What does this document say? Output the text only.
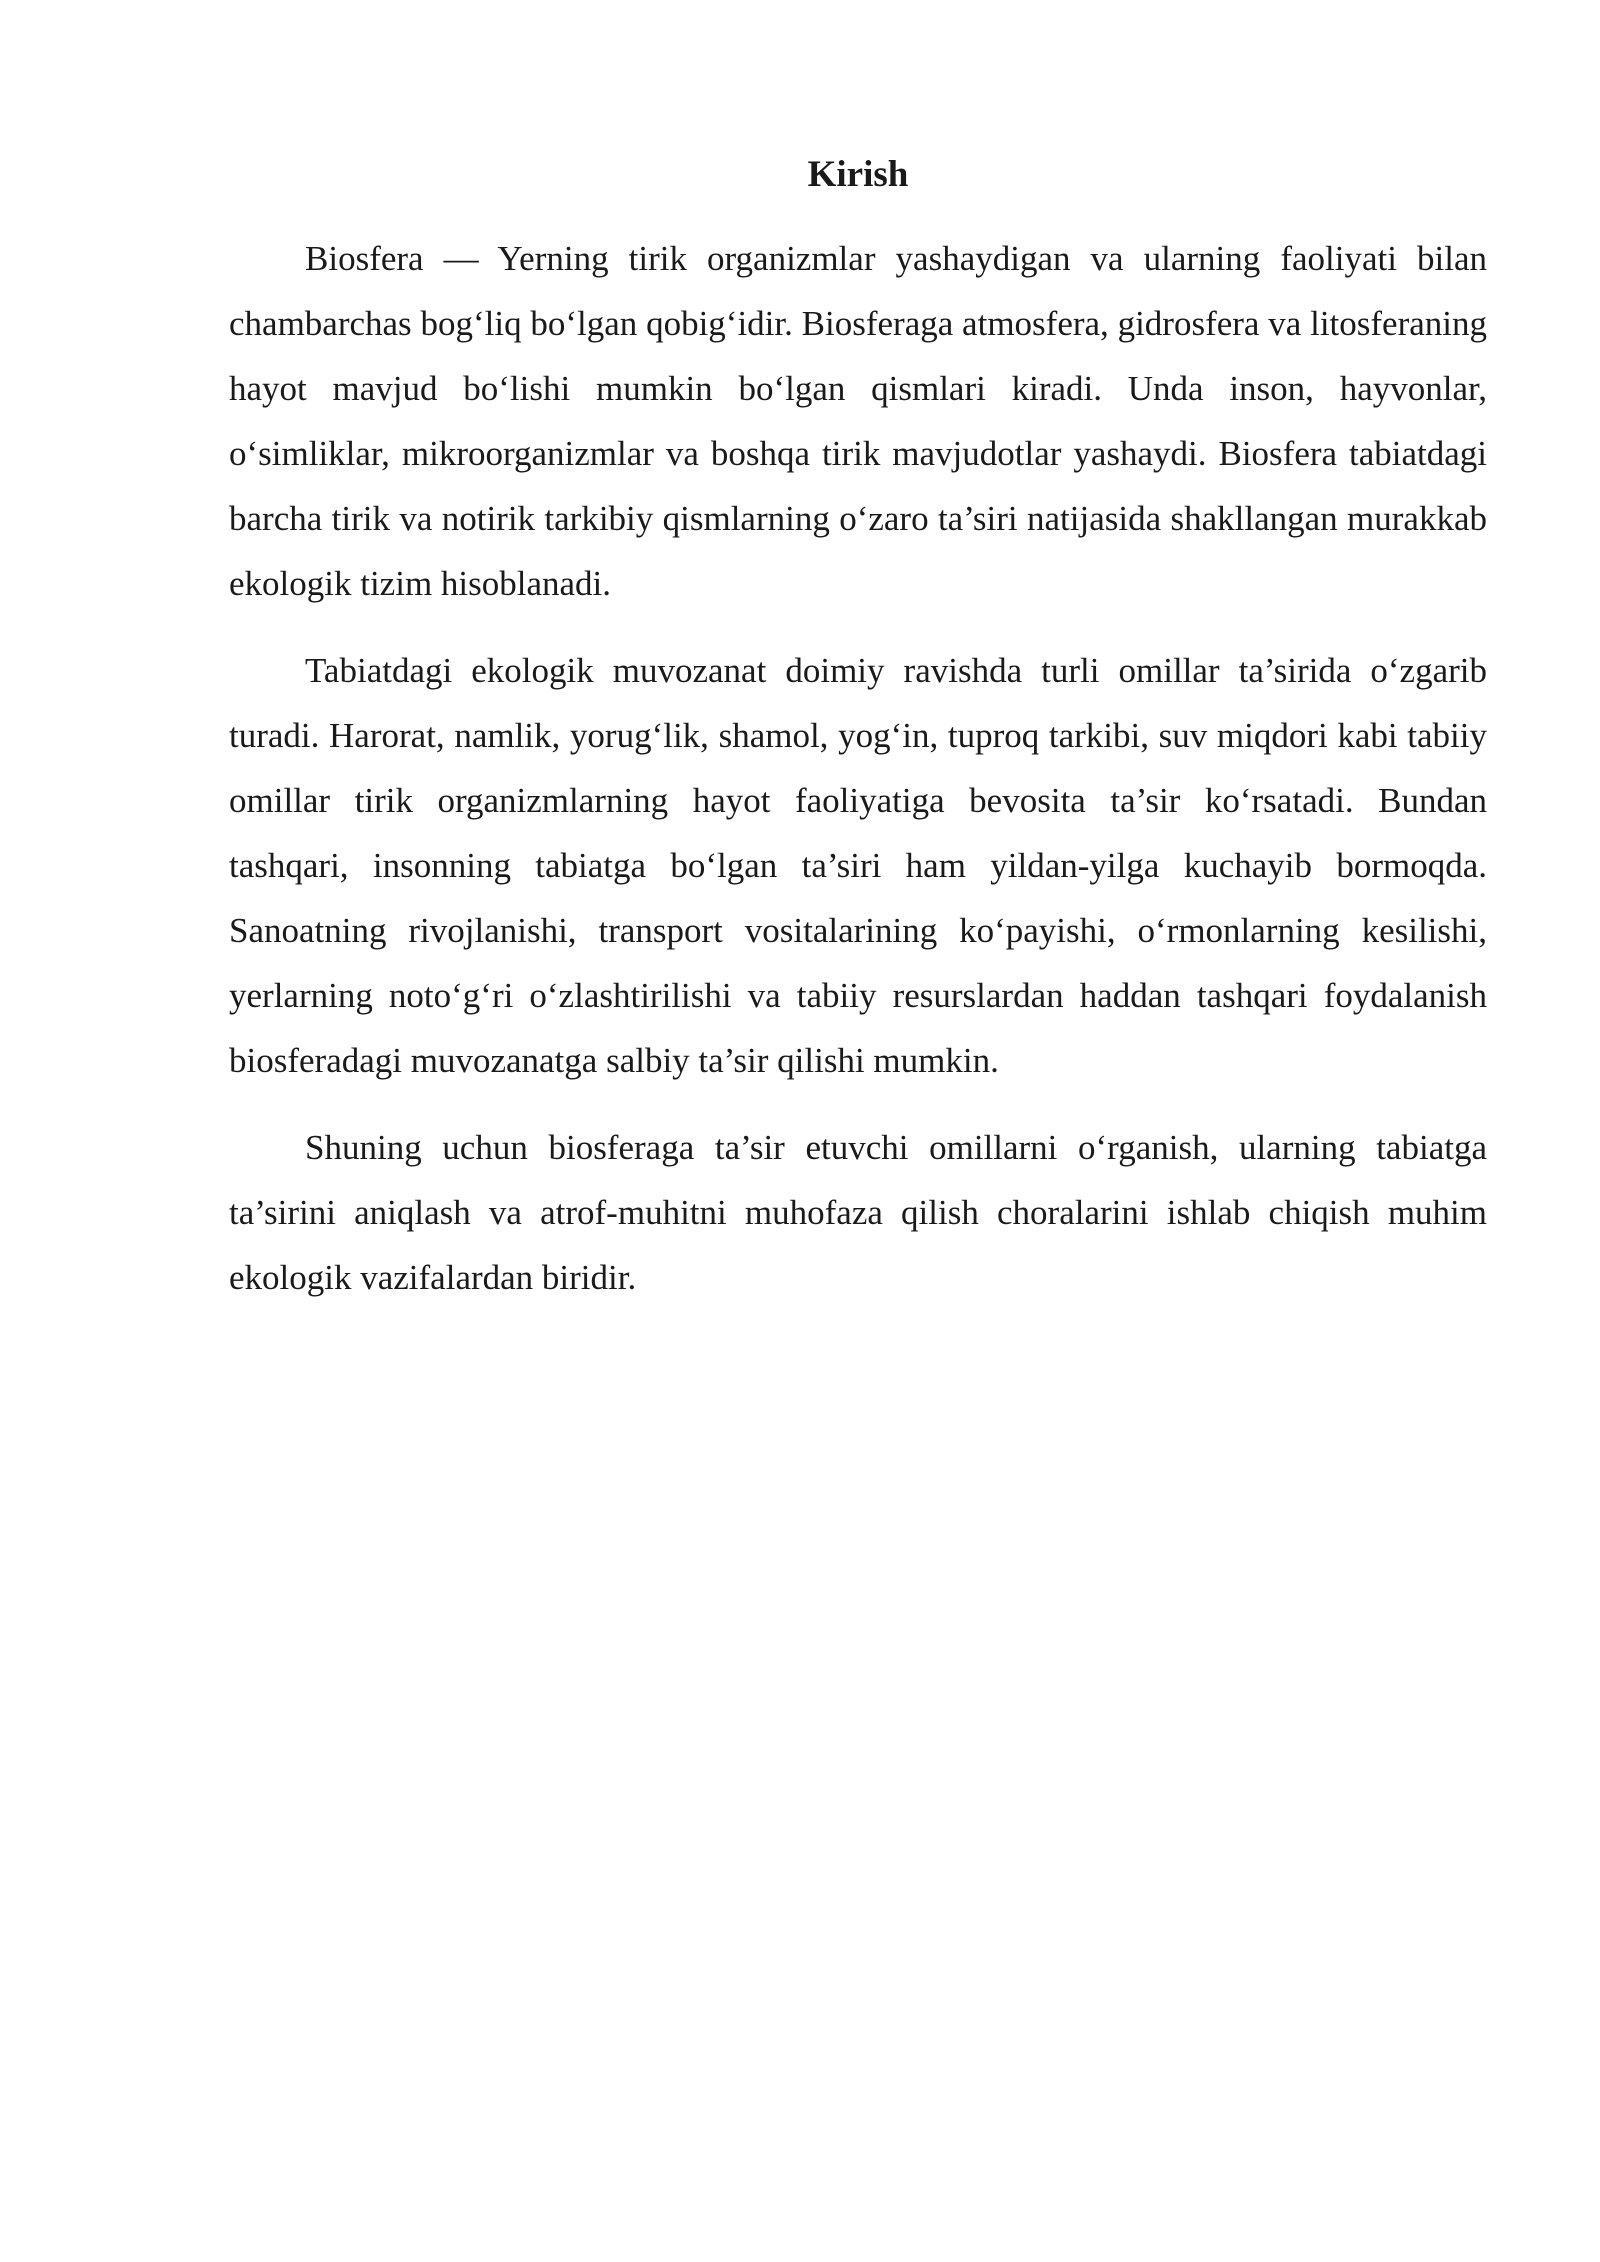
Kirish

Biosfera — Yerning tirik organizmlar yashaydigan va ularning faoliyati bilan chambarchas bog‘liq bo‘lgan qobig‘idir. Biosferaga atmosfera, gidrosfera va litosferaning hayot mavjud bo‘lishi mumkin bo‘lgan qismlari kiradi. Unda inson, hayvonlar, o‘simliklar, mikroorganizmlar va boshqa tirik mavjudotlar yashaydi. Biosfera tabiatdagi barcha tirik va notirik tarkibiy qismlarning o‘zaro ta’siri natijasida shakllangan murakkab ekologik tizim hisoblanadi.

Tabiatdagi ekologik muvozanat doimiy ravishda turli omillar ta’sirida o‘zgarib turadi. Harorat, namlik, yorug‘lik, shamol, yog‘in, tuproq tarkibi, suv miqdori kabi tabiiy omillar tirik organizmlarning hayot faoliyatiga bevosita ta’sir ko‘rsatadi. Bundan tashqari, insonning tabiatga bo‘lgan ta’siri ham yildan-yilga kuchayib bormoqda. Sanoatning rivojlanishi, transport vositalarining ko‘payishi, o‘rmonlarning kesilishi, yerlarning noto‘g‘ri o‘zlashtirilishi va tabiiy resurslardan haddan tashqari foydalanish biosferadagi muvozanatga salbiy ta’sir qilishi mumkin.

Shuning uchun biosferaga ta’sir etuvchi omillarni o‘rganish, ularning tabiatga ta’sirini aniqlash va atrof-muhitni muhofaza qilish choralarini ishlab chiqish muhim ekologik vazifalardan biridir.
